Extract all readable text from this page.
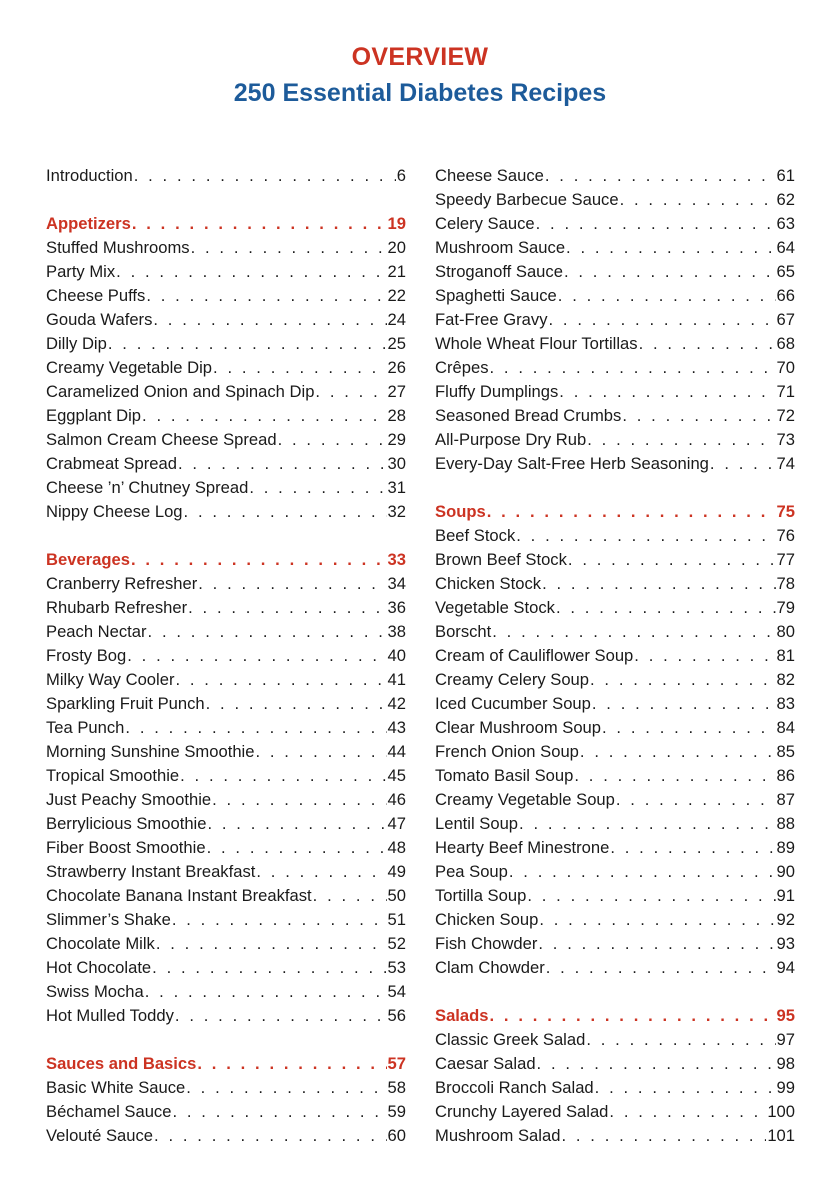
OVERVIEW
250 Essential Diabetes Recipes
Introduction . . .	6
Appetizers . . .	19
Stuffed Mushrooms . . .	20
Party Mix . . .	21
Cheese Puffs . . .	22
Gouda Wafers . . .	24
Dilly Dip . . .	25
Creamy Vegetable Dip . . .	26
Caramelized Onion and Spinach Dip . . .	27
Eggplant Dip . . .	28
Salmon Cream Cheese Spread . . .	29
Crabmeat Spread . . .	30
Cheese ’n’ Chutney Spread . . .	31
Nippy Cheese Log . . .	32
Beverages . . .	33
Cranberry Refresher . . .	34
Rhubarb Refresher . . .	36
Peach Nectar . . .	38
Frosty Bog . . .	40
Milky Way Cooler . . .	41
Sparkling Fruit Punch . . .	42
Tea Punch . . .	43
Morning Sunshine Smoothie . . .	44
Tropical Smoothie . . .	45
Just Peachy Smoothie . . .	46
Berrylicious Smoothie . . .	47
Fiber Boost Smoothie . . .	48
Strawberry Instant Breakfast . . .	49
Chocolate Banana Instant Breakfast . . .	50
Slimmer’s Shake . . .	51
Chocolate Milk . . .	52
Hot Chocolate . . .	53
Swiss Mocha . . .	54
Hot Mulled Toddy . . .	56
Sauces and Basics . . .	57
Basic White Sauce . . .	58
Béchamel Sauce . . .	59
Velouté Sauce . . .	60
Cheese Sauce . . .	61
Speedy Barbecue Sauce . . .	62
Celery Sauce . . .	63
Mushroom Sauce . . .	64
Stroganoff Sauce . . .	65
Spaghetti Sauce . . .	66
Fat-Free Gravy . . .	67
Whole Wheat Flour Tortillas . . .	68
Crêpes . . .	70
Fluffy Dumplings . . .	71
Seasoned Bread Crumbs . . .	72
All-Purpose Dry Rub . . .	73
Every-Day Salt-Free Herb Seasoning . . .	74
Soups . . .	75
Beef Stock . . .	76
Brown Beef Stock . . .	77
Chicken Stock . . .	78
Vegetable Stock . . .	79
Borscht . . .	80
Cream of Cauliflower Soup . . .	81
Creamy Celery Soup . . .	82
Iced Cucumber Soup . . .	83
Clear Mushroom Soup . . .	84
French Onion Soup . . .	85
Tomato Basil Soup . . .	86
Creamy Vegetable Soup . . .	87
Lentil Soup . . .	88
Hearty Beef Minestrone . . .	89
Pea Soup . . .	90
Tortilla Soup . . .	91
Chicken Soup . . .	92
Fish Chowder . . .	93
Clam Chowder . . .	94
Salads . . .	95
Classic Greek Salad . . .	97
Caesar Salad . . .	98
Broccoli Ranch Salad . . .	99
Crunchy Layered Salad . . .	100
Mushroom Salad . . .	101
